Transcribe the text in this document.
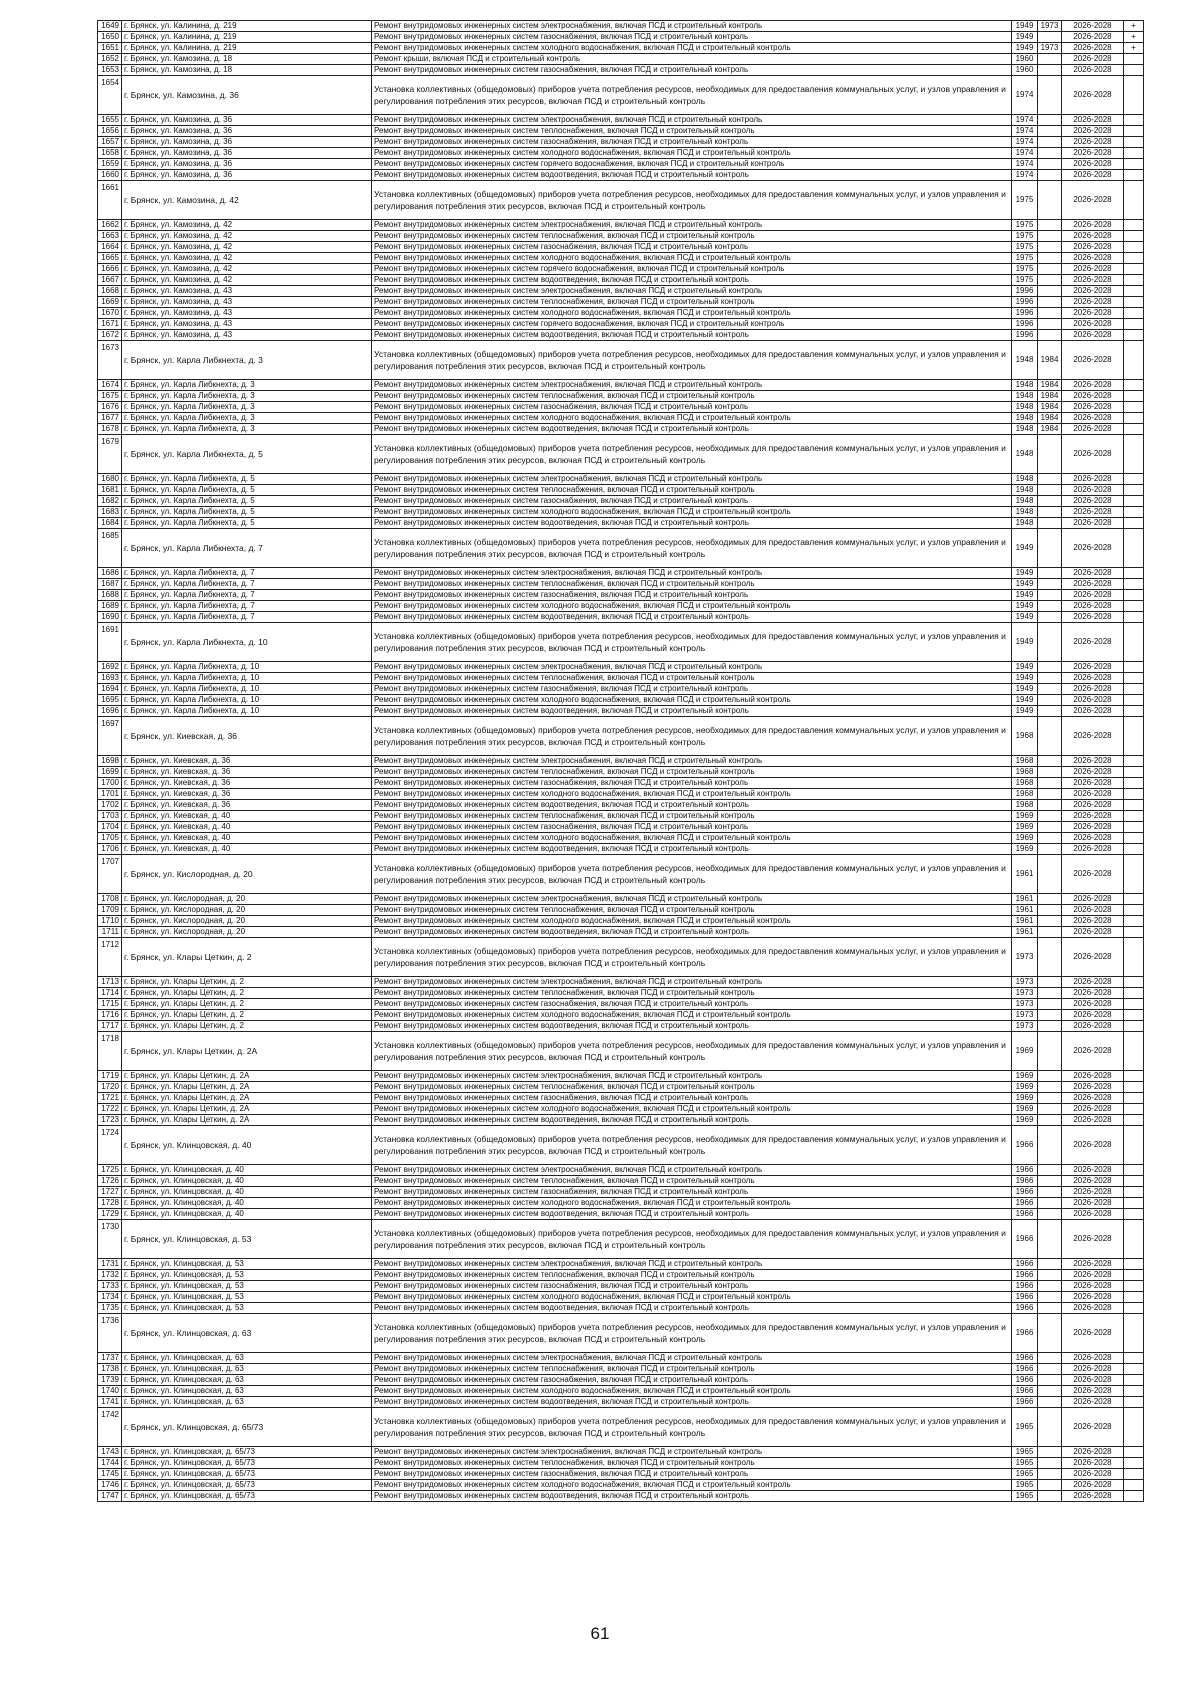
1649	г. Брянск, ул. Калинина, д. 219	Ремонт внутридомовых инженерных систем электроснабжения, включая ПСД и строительный контроль	1949	1973	2026-2028	+
1650	г. Брянск, ул. Калинина, д. 219	Ремонт внутридомовых инженерных систем газоснабжения, включая ПСД и строительный контроль	1949		2026-2028	+
1651	г. Брянск, ул. Калинина, д. 219	Ремонт внутридомовых инженерных систем холодного водоснабжения, включая ПСД и строительный контроль	1949	1973	2026-2028	+
1652	г. Брянск, ул. Камозина, д. 18	Ремонт крыши, включая ПСД и строительный контроль	1960		2026-2028	
1653	г. Брянск, ул. Камозина, д. 18	Ремонт внутридомовых инженерных систем газоснабжения, включая ПСД и строительный контроль	1960		2026-2028	
1654	г. Брянск, ул. Камозина, д. 36	Установка коллективных (общедомовых) приборов учета потребления ресурсов, необходимых для предоставления коммунальных услуг, и узлов управления и регулирования потребления этих ресурсов, включая ПСД и строительный контроль	1974		2026-2028	
1655	г. Брянск, ул. Камозина, д. 36	Ремонт внутридомовых инженерных систем электроснабжения, включая ПСД и строительный контроль	1974		2026-2028	
1656	г. Брянск, ул. Камозина, д. 36	Ремонт внутридомовых инженерных систем теплоснабжения, включая ПСД и строительный контроль	1974		2026-2028	
1657	г. Брянск, ул. Камозина, д. 36	Ремонт внутридомовых инженерных систем газоснабжения, включая ПСД и строительный контроль	1974		2026-2028	
1658	г. Брянск, ул. Камозина, д. 36	Ремонт внутридомовых инженерных систем холодного водоснабжения, включая ПСД и строительный контроль	1974		2026-2028	
1659	г. Брянск, ул. Камозина, д. 36	Ремонт внутридомовых инженерных систем горячего водоснабжения, включая ПСД и строительный контроль	1974		2026-2028	
1660	г. Брянск, ул. Камозина, д. 36	Ремонт внутридомовых инженерных систем водоотведения, включая ПСД и строительный контроль	1974		2026-2028	
1661	г. Брянск, ул. Камозина, д. 42	Установка коллективных (общедомовых) приборов учета потребления ресурсов, необходимых для предоставления коммунальных услуг, и узлов управления и регулирования потребления этих ресурсов, включая ПСД и строительный контроль	1975		2026-2028	
1662	г. Брянск, ул. Камозина, д. 42	Ремонт внутридомовых инженерных систем электроснабжения, включая ПСД и строительный контроль	1975		2026-2028	
1663	г. Брянск, ул. Камозина, д. 42	Ремонт внутридомовых инженерных систем теплоснабжения, включая ПСД и строительный контроль	1975		2026-2028	
1664	г. Брянск, ул. Камозина, д. 42	Ремонт внутридомовых инженерных систем газоснабжения, включая ПСД и строительный контроль	1975		2026-2028	
1665	г. Брянск, ул. Камозина, д. 42	Ремонт внутридомовых инженерных систем холодного водоснабжения, включая ПСД и строительный контроль	1975		2026-2028	
1666	г. Брянск, ул. Камозина, д. 42	Ремонт внутридомовых инженерных систем горячего водоснабжения, включая ПСД и строительный контроль	1975		2026-2028	
1667	г. Брянск, ул. Камозина, д. 42	Ремонт внутридомовых инженерных систем водоотведения, включая ПСД и строительный контроль	1975		2026-2028	
1668	г. Брянск, ул. Камозина, д. 43	Ремонт внутридомовых инженерных систем электроснабжения, включая ПСД и строительный контроль	1996		2026-2028	
1669	г. Брянск, ул. Камозина, д. 43	Ремонт внутридомовых инженерных систем теплоснабжения, включая ПСД и строительный контроль	1996		2026-2028	
1670	г. Брянск, ул. Камозина, д. 43	Ремонт внутридомовых инженерных систем холодного водоснабжения, включая ПСД и строительный контроль	1996		2026-2028	
1671	г. Брянск, ул. Камозина, д. 43	Ремонт внутридомовых инженерных систем горячего водоснабжения, включая ПСД и строительный контроль	1996		2026-2028	
1672	г. Брянск, ул. Камозина, д. 43	Ремонт внутридомовых инженерных систем водоотведения, включая ПСД и строительный контроль	1996		2026-2028	
1673	г. Брянск, ул. Карла Либкнехта, д. 3	Установка коллективных (общедомовых) приборов учета потребления ресурсов, необходимых для предоставления коммунальных услуг, и узлов управления и регулирования потребления этих ресурсов, включая ПСД и строительный контроль	1948	1984	2026-2028	
1674	г. Брянск, ул. Карла Либкнехта, д. 3	Ремонт внутридомовых инженерных систем электроснабжения, включая ПСД и строительный контроль	1948	1984	2026-2028	
1675	г. Брянск, ул. Карла Либкнехта, д. 3	Ремонт внутридомовых инженерных систем теплоснабжения, включая ПСД и строительный контроль	1948	1984	2026-2028	
1676	г. Брянск, ул. Карла Либкнехта, д. 3	Ремонт внутридомовых инженерных систем газоснабжения, включая ПСД и строительный контроль	1948	1984	2026-2028	
1677	г. Брянск, ул. Карла Либкнехта, д. 3	Ремонт внутридомовых инженерных систем холодного водоснабжения, включая ПСД и строительный контроль	1948	1984	2026-2028	
1678	г. Брянск, ул. Карла Либкнехта, д. 3	Ремонт внутридомовых инженерных систем водоотведения, включая ПСД и строительный контроль	1948	1984	2026-2028	
1679	г. Брянск, ул. Карла Либкнехта, д. 5	Установка коллективных (общедомовых) приборов учета потребления ресурсов, необходимых для предоставления коммунальных услуг, и узлов управления и регулирования потребления этих ресурсов, включая ПСД и строительный контроль	1948		2026-2028	
1680	г. Брянск, ул. Карла Либкнехта, д. 5	Ремонт внутридомовых инженерных систем электроснабжения, включая ПСД и строительный контроль	1948		2026-2028	
1681	г. Брянск, ул. Карла Либкнехта, д. 5	Ремонт внутридомовых инженерных систем теплоснабжения, включая ПСД и строительный контроль	1948		2026-2028	
1682	г. Брянск, ул. Карла Либкнехта, д. 5	Ремонт внутридомовых инженерных систем газоснабжения, включая ПСД и строительный контроль	1948		2026-2028	
1683	г. Брянск, ул. Карла Либкнехта, д. 5	Ремонт внутридомовых инженерных систем холодного водоснабжения, включая ПСД и строительный контроль	1948		2026-2028	
1684	г. Брянск, ул. Карла Либкнехта, д. 5	Ремонт внутридомовых инженерных систем водоотведения, включая ПСД и строительный контроль	1948		2026-2028	
1685	г. Брянск, ул. Карла Либкнехта, д. 7	Установка коллективных (общедомовых) приборов учета потребления ресурсов, необходимых для предоставления коммунальных услуг, и узлов управления и регулирования потребления этих ресурсов, включая ПСД и строительный контроль	1949		2026-2028	
1686	г. Брянск, ул. Карла Либкнехта, д. 7	Ремонт внутридомовых инженерных систем электроснабжения, включая ПСД и строительный контроль	1949		2026-2028	
1687	г. Брянск, ул. Карла Либкнехта, д. 7	Ремонт внутридомовых инженерных систем теплоснабжения, включая ПСД и строительный контроль	1949		2026-2028	
1688	г. Брянск, ул. Карла Либкнехта, д. 7	Ремонт внутридомовых инженерных систем газоснабжения, включая ПСД и строительный контроль	1949		2026-2028	
1689	г. Брянск, ул. Карла Либкнехта, д. 7	Ремонт внутридомовых инженерных систем холодного водоснабжения, включая ПСД и строительный контроль	1949		2026-2028	
1690	г. Брянск, ул. Карла Либкнехта, д. 7	Ремонт внутридомовых инженерных систем водоотведения, включая ПСД и строительный контроль	1949		2026-2028	
1691	г. Брянск, ул. Карла Либкнехта, д. 10	Установка коллективных (общедомовых) приборов учета потребления ресурсов, необходимых для предоставления коммунальных услуг, и узлов управления и регулирования потребления этих ресурсов, включая ПСД и строительный контроль	1949		2026-2028	
1692	г. Брянск, ул. Карла Либкнехта, д. 10	Ремонт внутридомовых инженерных систем электроснабжения, включая ПСД и строительный контроль	1949		2026-2028	
1693	г. Брянск, ул. Карла Либкнехта, д. 10	Ремонт внутридомовых инженерных систем теплоснабжения, включая ПСД и строительный контроль	1949		2026-2028	
1694	г. Брянск, ул. Карла Либкнехта, д. 10	Ремонт внутридомовых инженерных систем газоснабжения, включая ПСД и строительный контроль	1949		2026-2028	
1695	г. Брянск, ул. Карла Либкнехта, д. 10	Ремонт внутридомовых инженерных систем холодного водоснабжения, включая ПСД и строительный контроль	1949		2026-2028	
1696	г. Брянск, ул. Карла Либкнехта, д. 10	Ремонт внутридомовых инженерных систем водоотведения, включая ПСД и строительный контроль	1949		2026-2028	
1697	г. Брянск, ул. Киевская, д. 36	Установка коллективных (общедомовых) приборов учета потребления ресурсов, необходимых для предоставления коммунальных услуг, и узлов управления и регулирования потребления этих ресурсов, включая ПСД и строительный контроль	1968		2026-2028	
1698	г. Брянск, ул. Киевская, д. 36	Ремонт внутридомовых инженерных систем электроснабжения, включая ПСД и строительный контроль	1968		2026-2028	
1699	г. Брянск, ул. Киевская, д. 36	Ремонт внутридомовых инженерных систем теплоснабжения, включая ПСД и строительный контроль	1968		2026-2028	
1700	г. Брянск, ул. Киевская, д. 36	Ремонт внутридомовых инженерных систем газоснабжения, включая ПСД и строительный контроль	1968		2026-2028	
1701	г. Брянск, ул. Киевская, д. 36	Ремонт внутридомовых инженерных систем холодного водоснабжения, включая ПСД и строительный контроль	1968		2026-2028	
1702	г. Брянск, ул. Киевская, д. 36	Ремонт внутридомовых инженерных систем водоотведения, включая ПСД и строительный контроль	1968		2026-2028	
1703	г. Брянск, ул. Киевская, д. 40	Ремонт внутридомовых инженерных систем теплоснабжения, включая ПСД и строительный контроль	1969		2026-2028	
1704	г. Брянск, ул. Киевская, д. 40	Ремонт внутридомовых инженерных систем газоснабжения, включая ПСД и строительный контроль	1969		2026-2028	
1705	г. Брянск, ул. Киевская, д. 40	Ремонт внутридомовых инженерных систем холодного водоснабжения, включая ПСД и строительный контроль	1969		2026-2028	
1706	г. Брянск, ул. Киевская, д. 40	Ремонт внутридомовых инженерных систем водоотведения, включая ПСД и строительный контроль	1969		2026-2028	
1707	г. Брянск, ул. Кислородная, д. 20	Установка коллективных (общедомовых) приборов учета потребления ресурсов, необходимых для предоставления коммунальных услуг, и узлов управления и регулирования потребления этих ресурсов, включая ПСД и строительный контроль	1961		2026-2028	
1708	г. Брянск, ул. Кислородная, д. 20	Ремонт внутридомовых инженерных систем электроснабжения, включая ПСД и строительный контроль	1961		2026-2028	
1709	г. Брянск, ул. Кислородная, д. 20	Ремонт внутридомовых инженерных систем теплоснабжения, включая ПСД и строительный контроль	1961		2026-2028	
1710	г. Брянск, ул. Кислородная, д. 20	Ремонт внутридомовых инженерных систем холодного водоснабжения, включая ПСД и строительный контроль	1961		2026-2028	
1711	г. Брянск, ул. Кислородная, д. 20	Ремонт внутридомовых инженерных систем водоотведения, включая ПСД и строительный контроль	1961		2026-2028	
1712	г. Брянск, ул. Клары Цеткин, д. 2	Установка коллективных (общедомовых) приборов учета потребления ресурсов, необходимых для предоставления коммунальных услуг, и узлов управления и регулирования потребления этих ресурсов, включая ПСД и строительный контроль	1973		2026-2028	
1713	г. Брянск, ул. Клары Цеткин, д. 2	Ремонт внутридомовых инженерных систем электроснабжения, включая ПСД и строительный контроль	1973		2026-2028	
1714	г. Брянск, ул. Клары Цеткин, д. 2	Ремонт внутридомовых инженерных систем теплоснабжения, включая ПСД и строительный контроль	1973		2026-2028	
1715	г. Брянск, ул. Клары Цеткин, д. 2	Ремонт внутридомовых инженерных систем газоснабжения, включая ПСД и строительный контроль	1973		2026-2028	
1716	г. Брянск, ул. Клары Цеткин, д. 2	Ремонт внутридомовых инженерных систем холодного водоснабжения, включая ПСД и строительный контроль	1973		2026-2028	
1717	г. Брянск, ул. Клары Цеткин, д. 2	Ремонт внутридомовых инженерных систем водоотведения, включая ПСД и строительный контроль	1973		2026-2028	
1718	г. Брянск, ул. Клары Цеткин, д. 2А	Установка коллективных (общедомовых) приборов учета потребления ресурсов, необходимых для предоставления коммунальных услуг, и узлов управления и регулирования потребления этих ресурсов, включая ПСД и строительный контроль	1969		2026-2028	
1719	г. Брянск, ул. Клары Цеткин, д. 2А	Ремонт внутридомовых инженерных систем электроснабжения, включая ПСД и строительный контроль	1969		2026-2028	
1720	г. Брянск, ул. Клары Цеткин, д. 2А	Ремонт внутридомовых инженерных систем теплоснабжения, включая ПСД и строительный контроль	1969		2026-2028	
1721	г. Брянск, ул. Клары Цеткин, д. 2А	Ремонт внутридомовых инженерных систем газоснабжения, включая ПСД и строительный контроль	1969		2026-2028	
1722	г. Брянск, ул. Клары Цеткин, д. 2А	Ремонт внутридомовых инженерных систем холодного водоснабжения, включая ПСД и строительный контроль	1969		2026-2028	
1723	г. Брянск, ул. Клары Цеткин, д. 2А	Ремонт внутридомовых инженерных систем водоотведения, включая ПСД и строительный контроль	1969		2026-2028	
1724	г. Брянск, ул. Клинцовская, д. 40	Установка коллективных (общедомовых) приборов учета потребления ресурсов, необходимых для предоставления коммунальных услуг, и узлов управления и регулирования потребления этих ресурсов, включая ПСД и строительный контроль	1966		2026-2028	
1725	г. Брянск, ул. Клинцовская, д. 40	Ремонт внутридомовых инженерных систем электроснабжения, включая ПСД и строительный контроль	1966		2026-2028	
1726	г. Брянск, ул. Клинцовская, д. 40	Ремонт внутридомовых инженерных систем теплоснабжения, включая ПСД и строительный контроль	1966		2026-2028	
1727	г. Брянск, ул. Клинцовская, д. 40	Ремонт внутридомовых инженерных систем газоснабжения, включая ПСД и строительный контроль	1966		2026-2028	
1728	г. Брянск, ул. Клинцовская, д. 40	Ремонт внутридомовых инженерных систем холодного водоснабжения, включая ПСД и строительный контроль	1966		2026-2028	
1729	г. Брянск, ул. Клинцовская, д. 40	Ремонт внутридомовых инженерных систем водоотведения, включая ПСД и строительный контроль	1966		2026-2028	
1730	г. Брянск, ул. Клинцовская, д. 53	Установка коллективных (общедомовых) приборов учета потребления ресурсов, необходимых для предоставления коммунальных услуг, и узлов управления и регулирования потребления этих ресурсов, включая ПСД и строительный контроль	1966		2026-2028	
1731	г. Брянск, ул. Клинцовская, д. 53	Ремонт внутридомовых инженерных систем электроснабжения, включая ПСД и строительный контроль	1966		2026-2028	
1732	г. Брянск, ул. Клинцовская, д. 53	Ремонт внутридомовых инженерных систем теплоснабжения, включая ПСД и строительный контроль	1966		2026-2028	
1733	г. Брянск, ул. Клинцовская, д. 53	Ремонт внутридомовых инженерных систем газоснабжения, включая ПСД и строительный контроль	1966		2026-2028	
1734	г. Брянск, ул. Клинцовская, д. 53	Ремонт внутридомовых инженерных систем холодного водоснабжения, включая ПСД и строительный контроль	1966		2026-2028	
1735	г. Брянск, ул. Клинцовская, д. 53	Ремонт внутридомовых инженерных систем водоотведения, включая ПСД и строительный контроль	1966		2026-2028	
1736	г. Брянск, ул. Клинцовская, д. 63	Установка коллективных (общедомовых) приборов учета потребления ресурсов, необходимых для предоставления коммунальных услуг, и узлов управления и регулирования потребления этих ресурсов, включая ПСД и строительный контроль	1966		2026-2028	
1737	г. Брянск, ул. Клинцовская, д. 63	Ремонт внутридомовых инженерных систем электроснабжения, включая ПСД и строительный контроль	1966		2026-2028	
1738	г. Брянск, ул. Клинцовская, д. 63	Ремонт внутридомовых инженерных систем теплоснабжения, включая ПСД и строительный контроль	1966		2026-2028	
1739	г. Брянск, ул. Клинцовская, д. 63	Ремонт внутридомовых инженерных систем газоснабжения, включая ПСД и строительный контроль	1966		2026-2028	
1740	г. Брянск, ул. Клинцовская, д. 63	Ремонт внутридомовых инженерных систем холодного водоснабжения, включая ПСД и строительный контроль	1966		2026-2028	
1741	г. Брянск, ул. Клинцовская, д. 63	Ремонт внутридомовых инженерных систем водоотведения, включая ПСД и строительный контроль	1966		2026-2028	
1742	г. Брянск, ул. Клинцовская, д. 65/73	Установка коллективных (общедомовых) приборов учета потребления ресурсов, необходимых для предоставления коммунальных услуг, и узлов управления и регулирования потребления этих ресурсов, включая ПСД и строительный контроль	1965		2026-2028	
1743	г. Брянск, ул. Клинцовская, д. 65/73	Ремонт внутридомовых инженерных систем электроснабжения, включая ПСД и строительный контроль	1965		2026-2028	
1744	г. Брянск, ул. Клинцовская, д. 65/73	Ремонт внутридомовых инженерных систем теплоснабжения, включая ПСД и строительный контроль	1965		2026-2028	
1745	г. Брянск, ул. Клинцовская, д. 65/73	Ремонт внутридомовых инженерных систем газоснабжения, включая ПСД и строительный контроль	1965		2026-2028	
1746	г. Брянск, ул. Клинцовская, д. 65/73	Ремонт внутридомовых инженерных систем холодного водоснабжения, включая ПСД и строительный контроль	1965		2026-2028	
1747	г. Брянск, ул. Клинцовская, д. 65/73	Ремонт внутридомовых инженерных систем водоотведения, включая ПСД и строительный контроль	1965		2026-2028	
61
